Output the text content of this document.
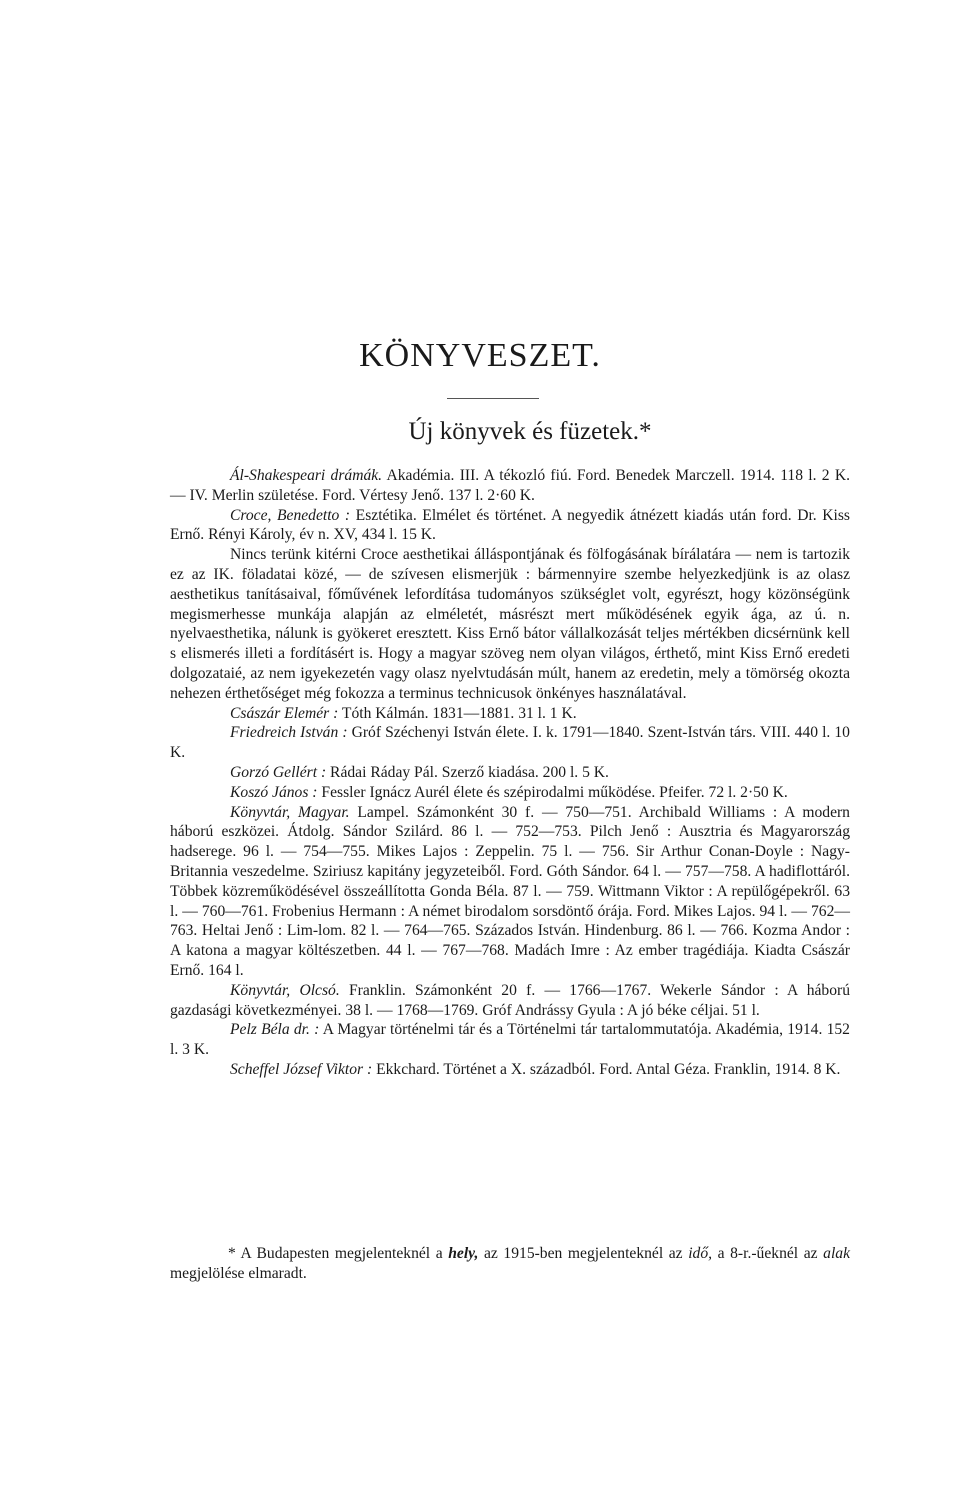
KÖNYVESZET.
Új könyvek és füzetek.*

Ál-Shakespeari drámák. Akadémia. III. A tékozló fiú. Ford. Benedek Marczell. 1914. 118 l. 2 K. — IV. Merlin születése. Ford. Vértesy Jenő. 137 l. 2·60 K.

Croce, Benedetto : Esztétika. Elmélet és történet. A negyedik átnézett kiadás után ford. Dr. Kiss Ernő. Rényi Károly, év n. XV, 434 l. 15 K.

Nincs terünk kitérni Croce aesthetikai álláspontjának és fölfogásának bírálatára — nem is tartozik ez az IK. föladatai közé, — de szívesen elismerjük : bármennyire szembe helyezkedjünk is az olasz aesthetikus tanításaival, főművének lefordítása tudományos szükséglet volt, egyrészt, hogy közönségünk megismerhesse munkája alapján az elméletét, másrészt mert működésének egyik ága, az ú. n. nyelvaesthetika, nálunk is gyökeret eresztett. Kiss Ernő bátor vállalkozását teljes mértékben dicsérnünk kell s elismerés illeti a fordításért is. Hogy a magyar szöveg nem olyan világos, érthető, mint Kiss Ernő eredeti dolgozataié, az nem igyekezetén vagy olasz nyelvtudásán múlt, hanem az eredetin, mely a tömörség okozta nehezen érthetőséget még fokozza a terminus technicusok önkényes használatával.

Császár Elemér : Tóth Kálmán. 1831—1881. 31 l. 1 K.

Friedreich István : Gróf Széchenyi István élete. I. k. 1791—1840. Szent-István társ. VIII. 440 l. 10 K.

Gorzó Gellért : Rádai Ráday Pál. Szerző kiadása. 200 l. 5 K.

Koszó János : Fessler Ignácz Aurél élete és szépirodalmi működése. Pfeifer. 72 l. 2·50 K.

Könyvtár, Magyar. Lampel. Számonként 30 f. — 750—751. Archibald Williams : A modern háború eszközei. Átdolg. Sándor Szilárd. 86 l. — 752—753. Pilch Jenő : Ausztria és Magyarország hadserege. 96 l. — 754—755. Mikes Lajos : Zeppelin. 75 l. — 756. Sir Arthur Conan-Doyle : Nagy-Britannia veszedelme. Sziriusz kapitány jegyzeteiből. Ford. Góth Sándor. 64 l. — 757—758. A hadiflottáról. Többek közreműködésével összeállította Gonda Béla. 87 l. — 759. Wittmann Viktor : A repülőgépekről. 63 l. — 760—761. Frobenius Hermann : A német birodalom sorsdöntő órája. Ford. Mikes Lajos. 94 l. — 762—763. Heltai Jenő : Lim-lom. 82 l. — 764—765. Százados István. Hindenburg. 86 l. — 766. Kozma Andor : A katona a magyar költészetben. 44 l. — 767—768. Madách Imre : Az ember tragédiája. Kiadta Császár Ernő. 164 l.

Könyvtár, Olcsó. Franklin. Számonként 20 f. — 1766—1767. Wekerle Sándor : A háború gazdasági következményei. 38 l. — 1768—1769. Gróf Andrássy Gyula : A jó béke céljai. 51 l.

Pelz Béla dr. : A Magyar történelmi tár és a Történelmi tár tartalommutatója. Akadémia, 1914. 152 l. 3 K.

Scheffel József Viktor : Ekkchard. Történet a X. századból. Ford. Antal Géza. Franklin, 1914. 8 K.

* A Budapesten megjelenteknél a hely, az 1915-ben megjelenteknél az idő, a 8-r.-űeknél az alak megjelölése elmaradt.
